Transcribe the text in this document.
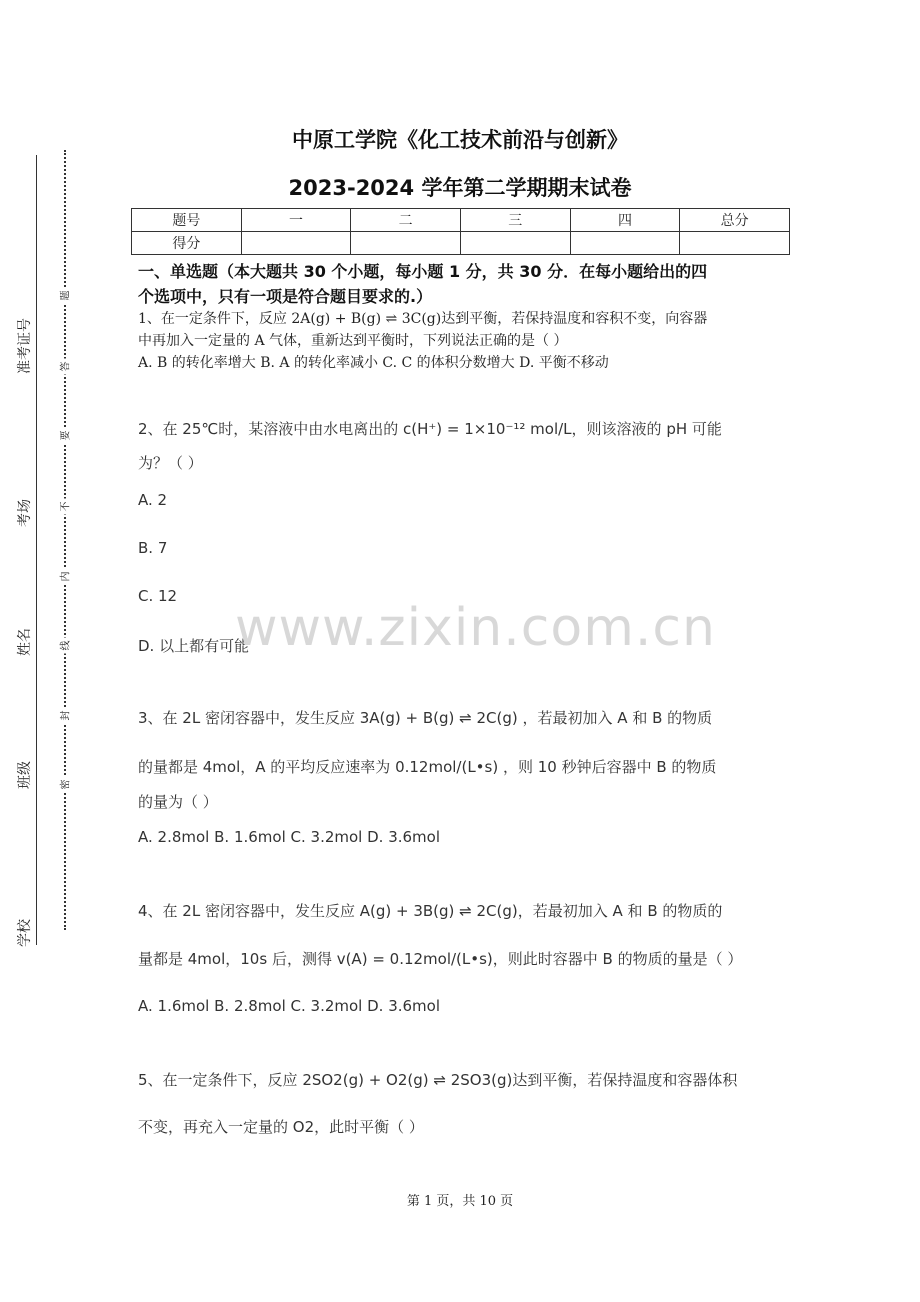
准考证号
考场
姓名
班级
学校
题
答
要
不
内
线
封
密
中原工学院《化工技术前沿与创新》
2023-2024 学年第二学期期末试卷
题号	一	二	三	四	总分
得分					
一、单选题（本大题共 30 个小题，每小题 1 分，共 30 分．在每小题给出的四
个选项中，只有一项是符合题目要求的.）
1、在一定条件下，反应 2A(g) + B(g) ⇌ 3C(g)达到平衡，若保持温度和容积不变，向容器
中再加入一定量的 A 气体，重新达到平衡时，下列说法正确的是（ ）
A. B 的转化率增大 B. A 的转化率减小 C. C 的体积分数增大 D. 平衡不移动
2、在 25℃时，某溶液中由水电离出的 c(H⁺) = 1×10⁻¹² mol/L，则该溶液的 pH 可能
为？（ ）
A. 2
B. 7
C. 12
D. 以上都有可能
www.zixin.com.cn
3、在 2L 密闭容器中，发生反应 3A(g) + B(g) ⇌ 2C(g) ，若最初加入 A 和 B 的物质
的量都是 4mol，A 的平均反应速率为 0.12mol/(L•s) ，则 10 秒钟后容器中 B 的物质
的量为（ ）
A. 2.8mol B. 1.6mol C. 3.2mol D. 3.6mol
4、在 2L 密闭容器中，发生反应 A(g) + 3B(g) ⇌ 2C(g)，若最初加入 A 和 B 的物质的
量都是 4mol，10s 后，测得 v(A) = 0.12mol/(L•s)，则此时容器中 B 的物质的量是（ ）
A. 1.6mol B. 2.8mol C. 3.2mol D. 3.6mol
5、在一定条件下，反应 2SO2(g) + O2(g) ⇌ 2SO3(g)达到平衡，若保持温度和容器体积
不变，再充入一定量的 O2，此时平衡（ ）
第 1 页，共 10 页
